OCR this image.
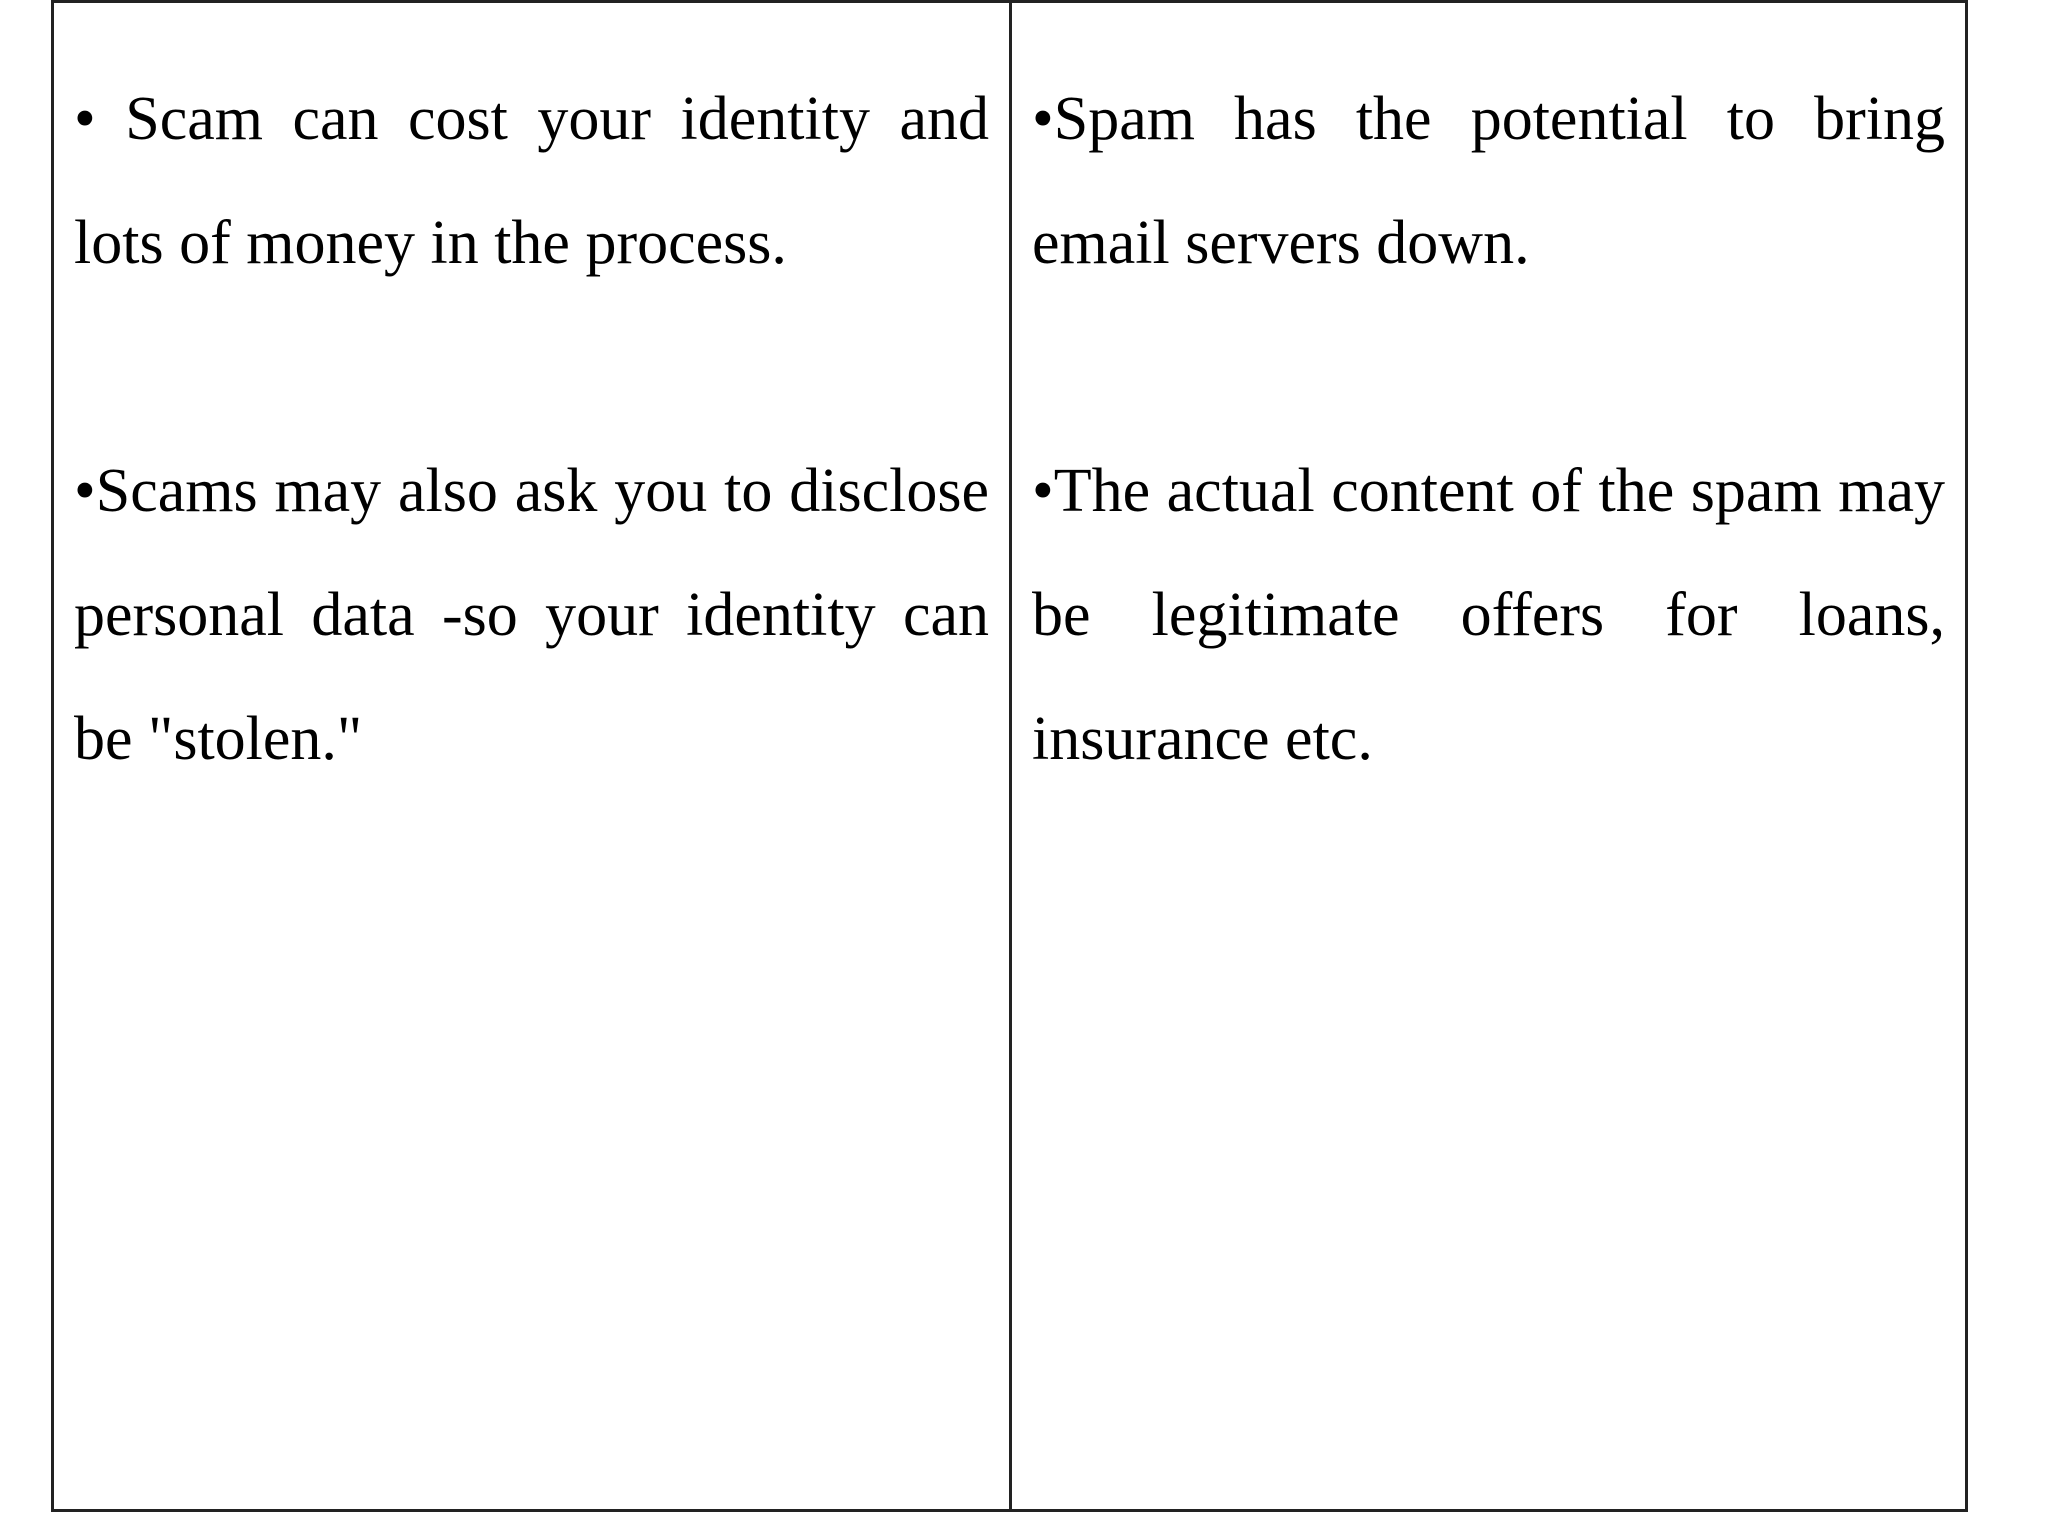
• Scam can cost your identity and lots of money in the process.

•Scams may also ask you to disclose personal data -so your identity can be "stolen."

•Spam has the potential to bring email servers down.

•The actual content of the spam may be legitimate offers for loans, insurance etc.
